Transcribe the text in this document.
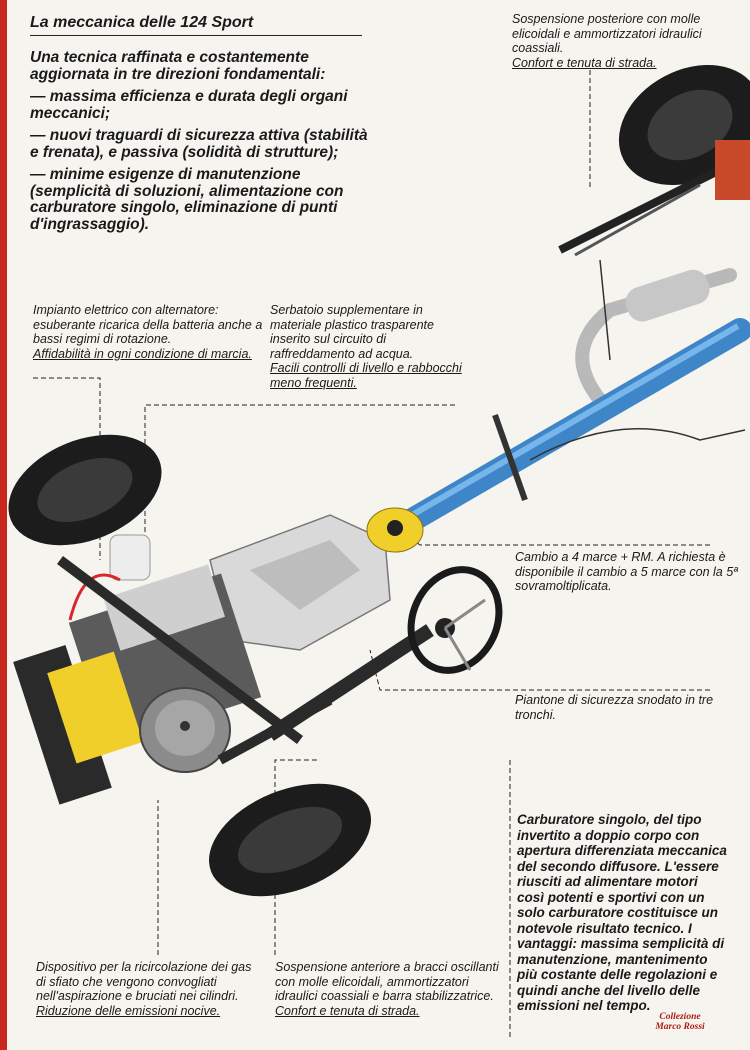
La meccanica delle 124 Sport

Una tecnica raffinata e costantemente aggiornata in tre direzioni fondamentali:

— massima efficienza e durata degli organi meccanici;

— nuovi traguardi di sicurezza attiva (stabilità e frenata), e passiva (solidità di strutture);

— minime esigenze di manutenzione (semplicità di soluzioni, alimentazione con carburatore singolo, eliminazione di punti d'ingrassaggio).

Sospensione posteriore con molle elicoidali e ammortizzatori idraulici coassiali.
Confort e tenuta di strada.
Impianto elettrico con alternatore: esuberante ricarica della batteria anche a bassi regimi di rotazione.
Affidabilità in ogni condizione di marcia.
Serbatoio supplementare in materiale plastico trasparente inserito sul circuito di raffreddamento ad acqua.
Facili controlli di livello e rabbocchi meno frequenti.
Cambio a 4 marce + RM. A richiesta è disponibile il cambio a 5 marce con la 5ª sovramoltiplicata.
Piantone di sicurezza snodato in tre tronchi.
Carburatore singolo, del tipo invertito a doppio corpo con apertura differenziata meccanica del secondo diffusore. L'essere riusciti ad alimentare motori così potenti e sportivi con un solo carburatore costituisce un notevole risultato tecnico. I vantaggi: massima semplicità di manutenzione, mantenimento più costante delle regolazioni e quindi anche del livello delle emissioni nel tempo.
Dispositivo per la ricircolazione dei gas di sfiato che vengono convogliati nell'aspirazione e bruciati nei cilindri.
Riduzione delle emissioni nocive.
Sospensione anteriore a bracci oscillanti con molle elicoidali, ammortizzatori idraulici coassiali e barra stabilizzatrice.
Confort e tenuta di strada.	Collezione
Marco Rossi
